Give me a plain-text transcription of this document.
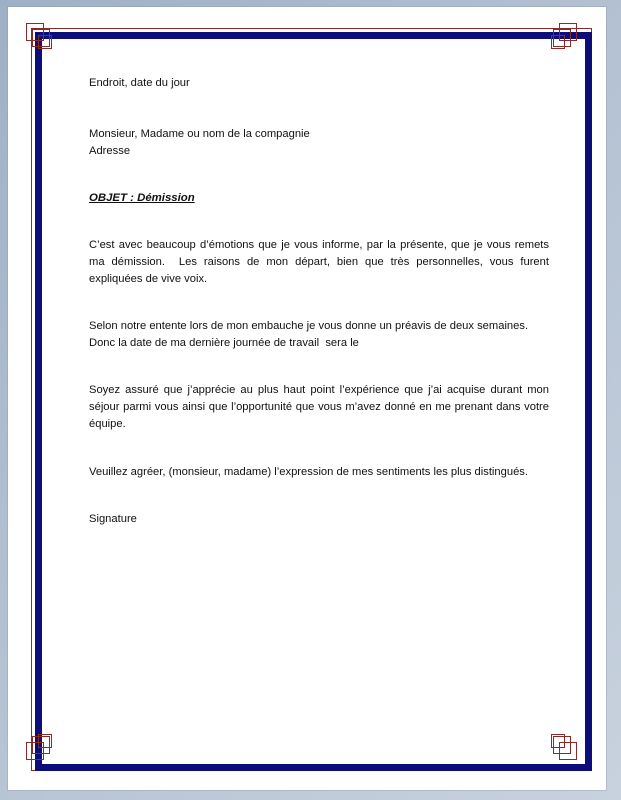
Endroit, date du jour

Monsieur, Madame ou nom de la compagnie

Adresse

OBJET : Démission

C’est avec beaucoup d’émotions que je vous informe, par la présente, que je vous remets ma démission.  Les raisons de mon départ, bien que très personnelles, vous furent expliquées de vive voix.

Selon notre entente lors de mon embauche je vous donne un préavis de deux semaines. Donc la date de ma dernière journée de travail  sera le

Soyez assuré que j’apprécie au plus haut point l’expérience que j’ai acquise durant mon séjour parmi vous ainsi que l’opportunité que vous m’avez donné en me prenant dans votre équipe.

Veuillez agréer, (monsieur, madame) l’expression de mes sentiments les plus distingués.

Signature
